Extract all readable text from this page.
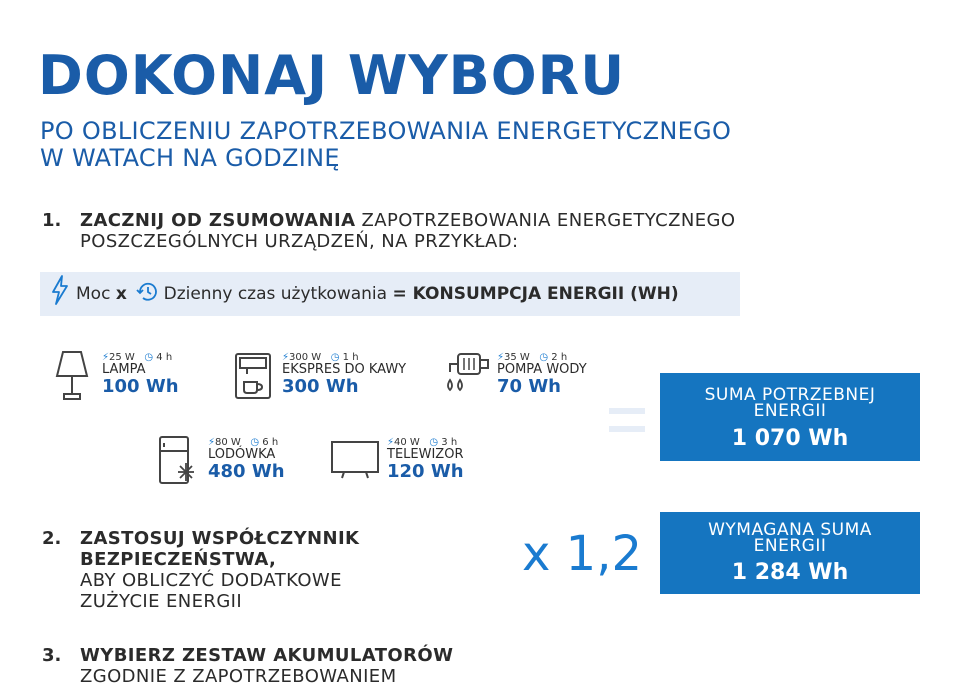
DOKONAJ WYBORU
PO OBLICZENIU ZAPOTRZEBOWANIA ENERGETYCZNEGO
W WATACH NA GODZINĘ
1. ZACZNIJ OD ZSUMOWANIA ZAPOTRZEBOWANIA ENERGETYCZNEGO
POSZCZEGÓLNYCH URZĄDZEŃ, NA PRZYKŁAD:
Moc x Dzienny czas użytkowania = KONSUMPCJA ENERGII (WH)
⚡25 W ◷ 4 h
LAMPA
100 Wh
⚡300 W ◷ 1 h
EKSPRES DO KAWY
300 Wh
⚡35 W ◷ 2 h
POMPA WODY
70 Wh
⚡80 W ◷ 6 h
LODÓWKA
480 Wh
⚡40 W ◷ 3 h
TELEWIZOR
120 Wh
SUMA POTRZEBNEJ
ENERGII
1 070 Wh
2. ZASTOSUJ WSPÓŁCZYNNIK
BEZPIECZEŃSTWA,
ABY OBLICZYĆ DODATKOWE
ZUŻYCIE ENERGII
x 1,2	WYMAGANA SUMA
ENERGII
1 284 Wh
3. WYBIERZ ZESTAW AKUMULATORÓW
ZGODNIE Z ZAPOTRZEBOWANIEM
